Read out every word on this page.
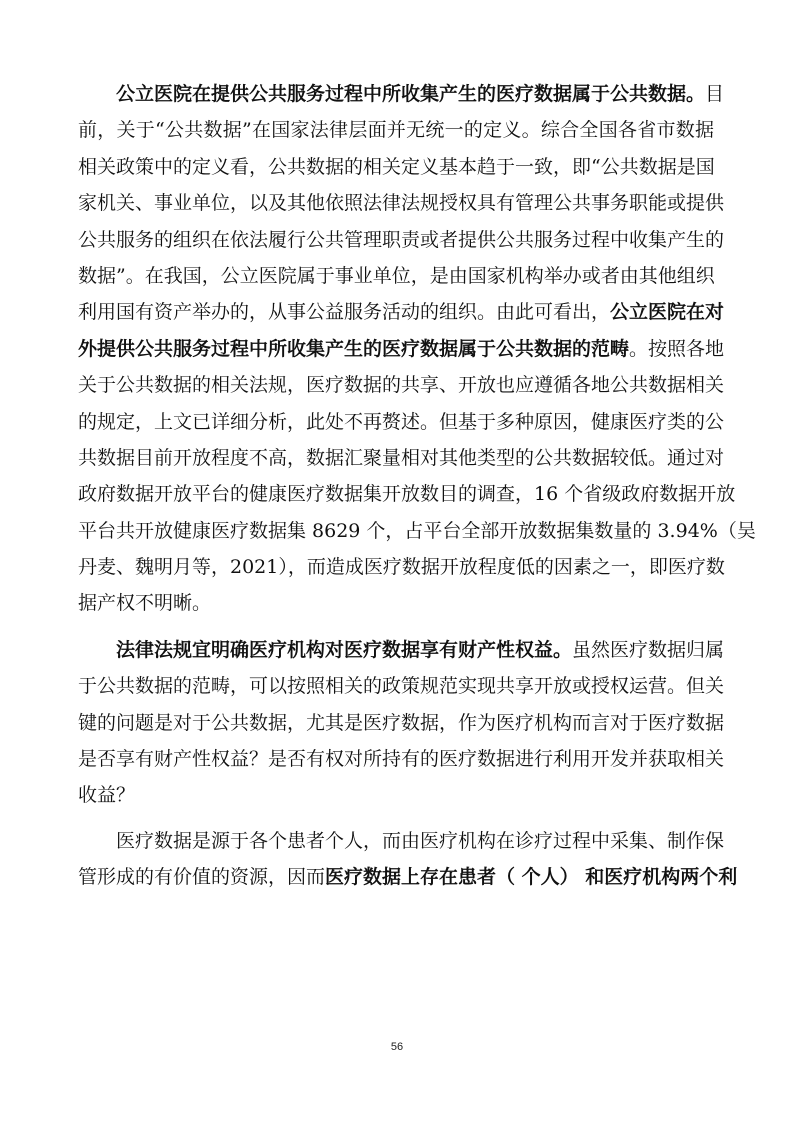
公立医院在提供公共服务过程中所收集产生的医疗数据属于公共数据。目
前，关于“公共数据”在国家法律层面并无统一的定义。综合全国各省市数据
相关政策中的定义看，公共数据的相关定义基本趋于一致，即“公共数据是国
家机关、事业单位，以及其他依照法律法规授权具有管理公共事务职能或提供
公共服务的组织在依法履行公共管理职责或者提供公共服务过程中收集产生的
数据”。在我国，公立医院属于事业单位，是由国家机构举办或者由其他组织
利用国有资产举办的，从事公益服务活动的组织。由此可看出，公立医院在对
外提供公共服务过程中所收集产生的医疗数据属于公共数据的范畴。按照各地
关于公共数据的相关法规，医疗数据的共享、开放也应遵循各地公共数据相关
的规定，上文已详细分析，此处不再赘述。但基于多种原因，健康医疗类的公
共数据目前开放程度不高，数据汇聚量相对其他类型的公共数据较低。通过对
政府数据开放平台的健康医疗数据集开放数目的调查，16 个省级政府数据开放
平台共开放健康医疗数据集 8629 个，占平台全部开放数据集数量的 3.94%（吴
丹麦、魏明月等，2021），而造成医疗数据开放程度低的因素之一，即医疗数
据产权不明晰。
法律法规宜明确医疗机构对医疗数据享有财产性权益。虽然医疗数据归属
于公共数据的范畴，可以按照相关的政策规范实现共享开放或授权运营。但关
键的问题是对于公共数据，尤其是医疗数据，作为医疗机构而言对于医疗数据
是否享有财产性权益？是否有权对所持有的医疗数据进行利用开发并获取相关
收益？
医疗数据是源于各个患者个人，而由医疗机构在诊疗过程中采集、制作保
管形成的有价值的资源，因而医疗数据上存在患者（ 个人） 和医疗机构两个利
56
